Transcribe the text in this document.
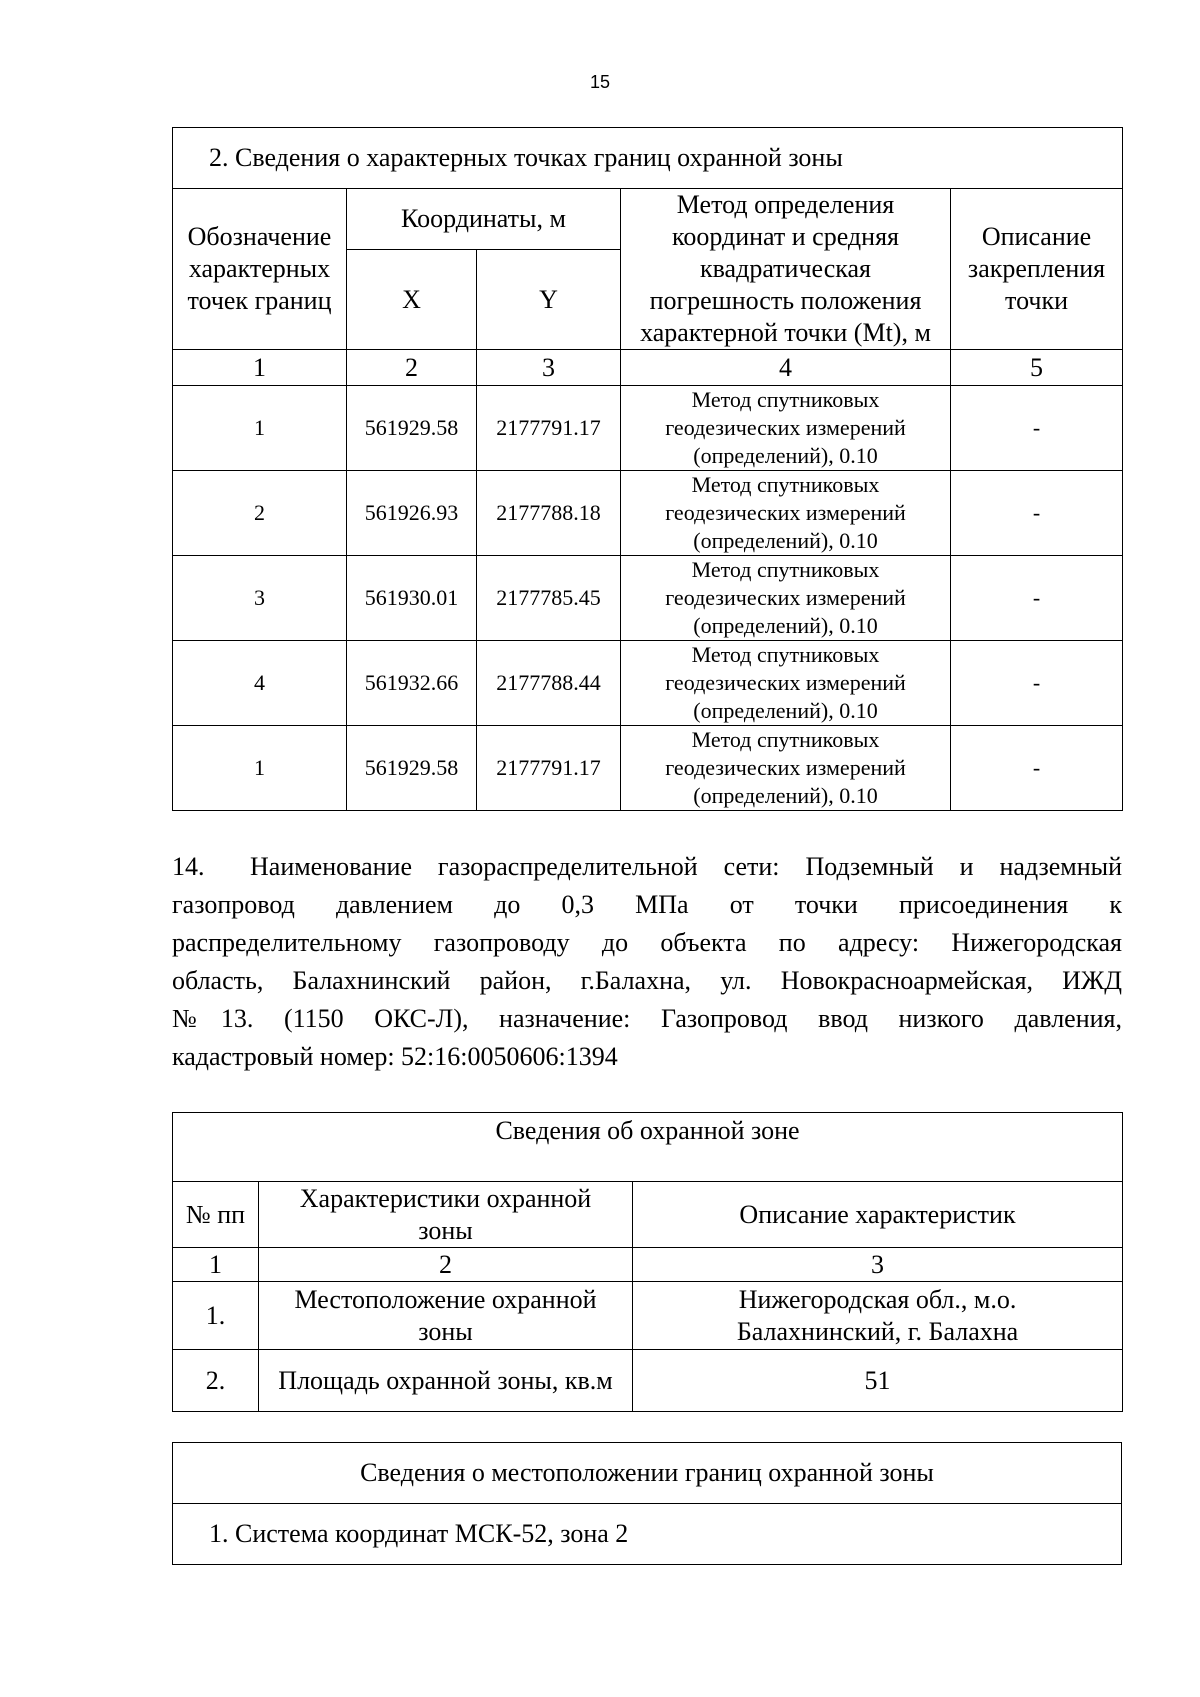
15
2. Сведения о характерных точках границ охранной зоны				
Обозначение
характерных
точек границ	Координаты, м		Метод определения
координат и средняя
квадратическая
погрешность положения
характерной точки (Mt), м	Описание
закрепления
точки
	X	Y		
1	2	3	4	5
1	561929.58	2177791.17	Метод спутниковых
геодезических измерений
(определений), 0.10	-
2	561926.93	2177788.18	Метод спутниковых
геодезических измерений
(определений), 0.10	-
3	561930.01	2177785.45	Метод спутниковых
геодезических измерений
(определений), 0.10	-
4	561932.66	2177788.44	Метод спутниковых
геодезических измерений
(определений), 0.10	-
1	561929.58	2177791.17	Метод спутниковых
геодезических измерений
(определений), 0.10	-
14. Наименование газораспределительной сети: Подземный и надземный
газопровод давлением до 0,3 МПа от точки присоединения к
распределительному газопроводу до объекта по адресу: Нижегородская
область, Балахнинский район, г.Балахна, ул. Новокрасноармейская, ИЖД
№13. (1150 ОКС-Л), назначение: Газопровод ввод низкого давления,
кадастровый номер: 52:16:0050606:1394
Сведения об охранной зоне		
№ пп	Характеристики охранной
зоны	Описание характеристик
1	2	3
1.	Местоположение охранной
зоны	Нижегородская обл., м.о.
Балахнинский, г. Балахна
2.	Площадь охранной зоны, кв.м	51
Сведения о местоположении границ охранной зоны
1. Система координат МСК-52, зона 2
